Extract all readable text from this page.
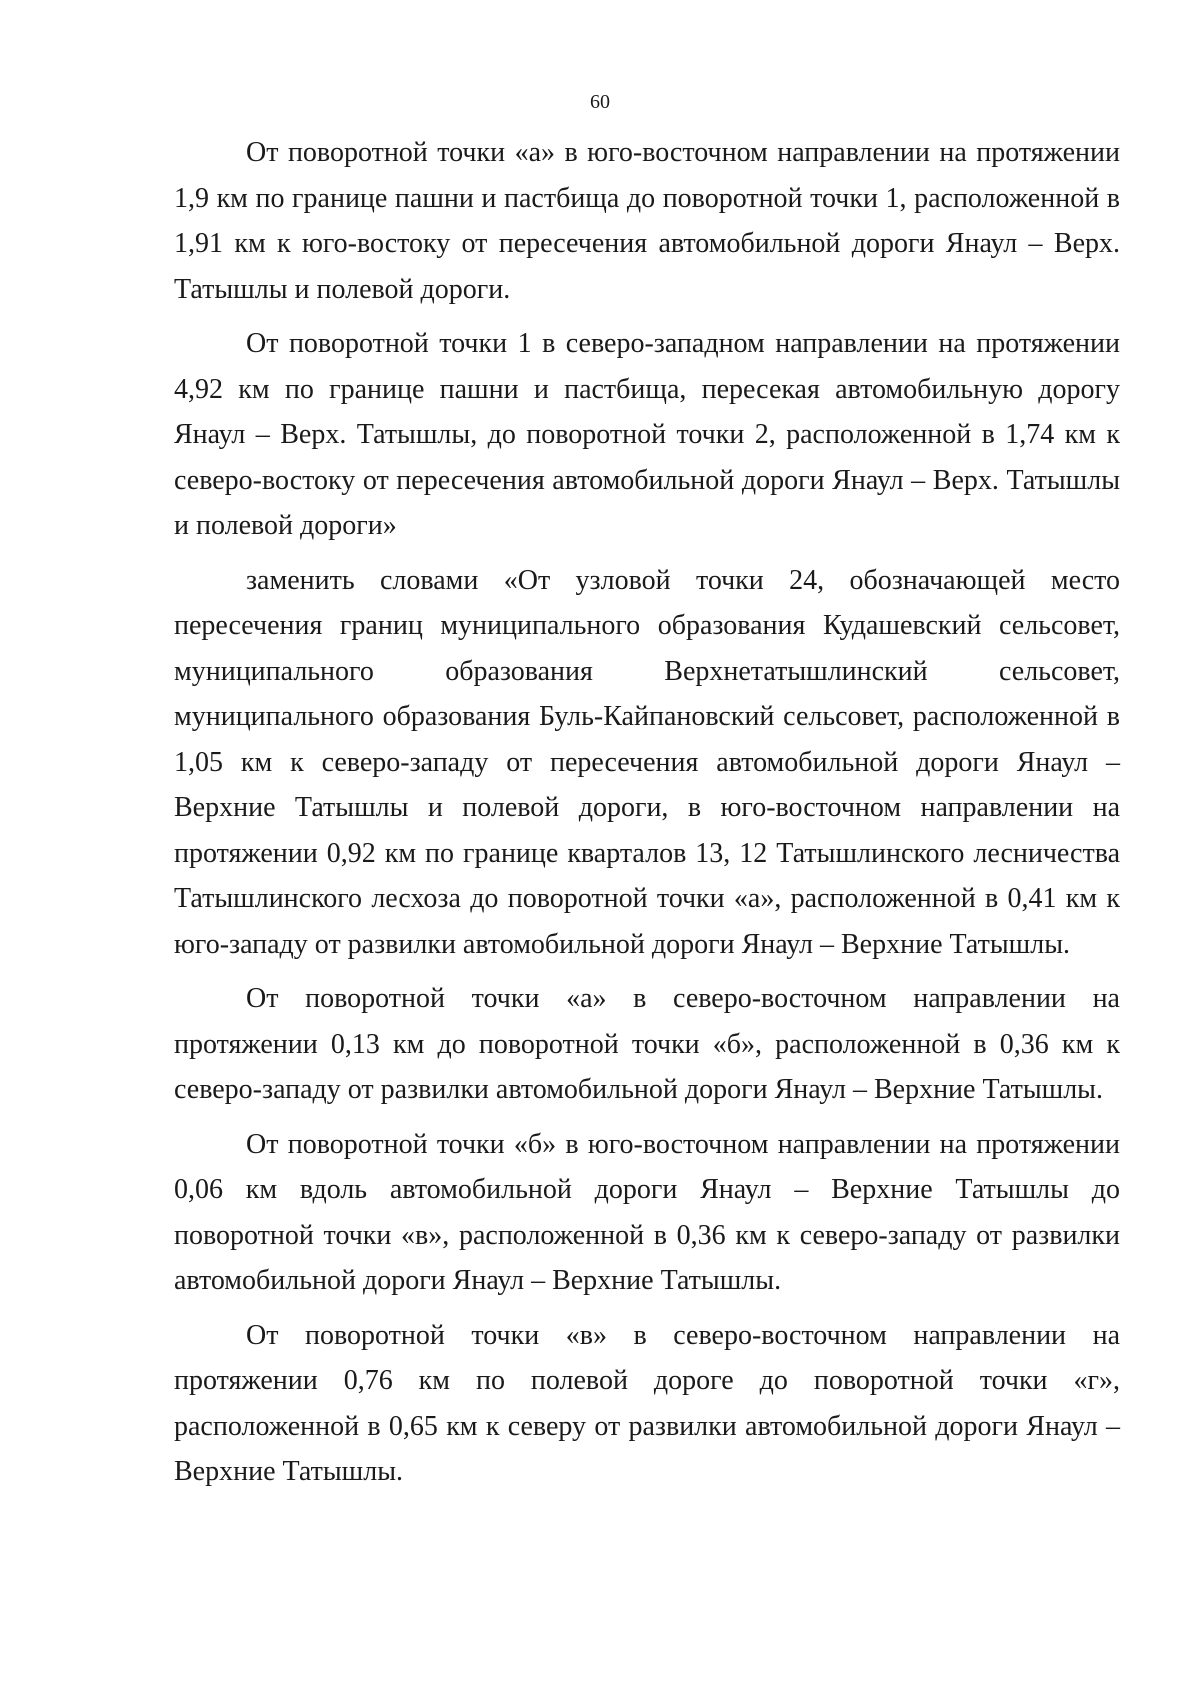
60

От поворотной точки «а» в юго-восточном направлении на протяжении 1,9 км по границе пашни и пастбища до поворотной точки 1, расположенной в 1,91 км к юго-востоку от пересечения автомобильной дороги Янаул – Верх. Татышлы и полевой дороги.

От поворотной точки 1 в северо-западном направлении на протяжении 4,92 км по границе пашни и пастбища, пересекая автомобильную дорогу Янаул – Верх. Татышлы, до поворотной точки 2, расположенной в 1,74 км к северо-востоку от пересечения автомобильной дороги Янаул – Верх. Татышлы и полевой дороги»

заменить словами «От узловой точки 24, обозначающей место пересечения границ муниципального образования Кудашевский сельсовет, муниципального образования Верхнетатышлинский сельсовет, муниципального образования Буль-Кайпановский сельсовет, расположенной в 1,05 км к северо-западу от пересечения автомобильной дороги Янаул – Верхние Татышлы и полевой дороги, в юго-восточном направлении на протяжении 0,92 км по границе кварталов 13, 12 Татышлинского лесничества Татышлинского лесхоза до поворотной точки «а», расположенной в 0,41 км к юго-западу от развилки автомобильной дороги Янаул – Верхние Татышлы.

От поворотной точки «а» в северо-восточном направлении на протяжении 0,13 км до поворотной точки «б», расположенной в 0,36 км к северо-западу от развилки автомобильной дороги Янаул – Верхние Татышлы.

От поворотной точки «б» в юго-восточном направлении на протяжении 0,06 км вдоль автомобильной дороги Янаул – Верхние Татышлы до поворотной точки «в», расположенной в 0,36 км к северо-западу от развилки автомобильной дороги Янаул – Верхние Татышлы.

От поворотной точки «в» в северо-восточном направлении на протяжении 0,76 км по полевой дороге до поворотной точки «г», расположенной в 0,65 км к северу от развилки автомобильной дороги Янаул – Верхние Татышлы.
